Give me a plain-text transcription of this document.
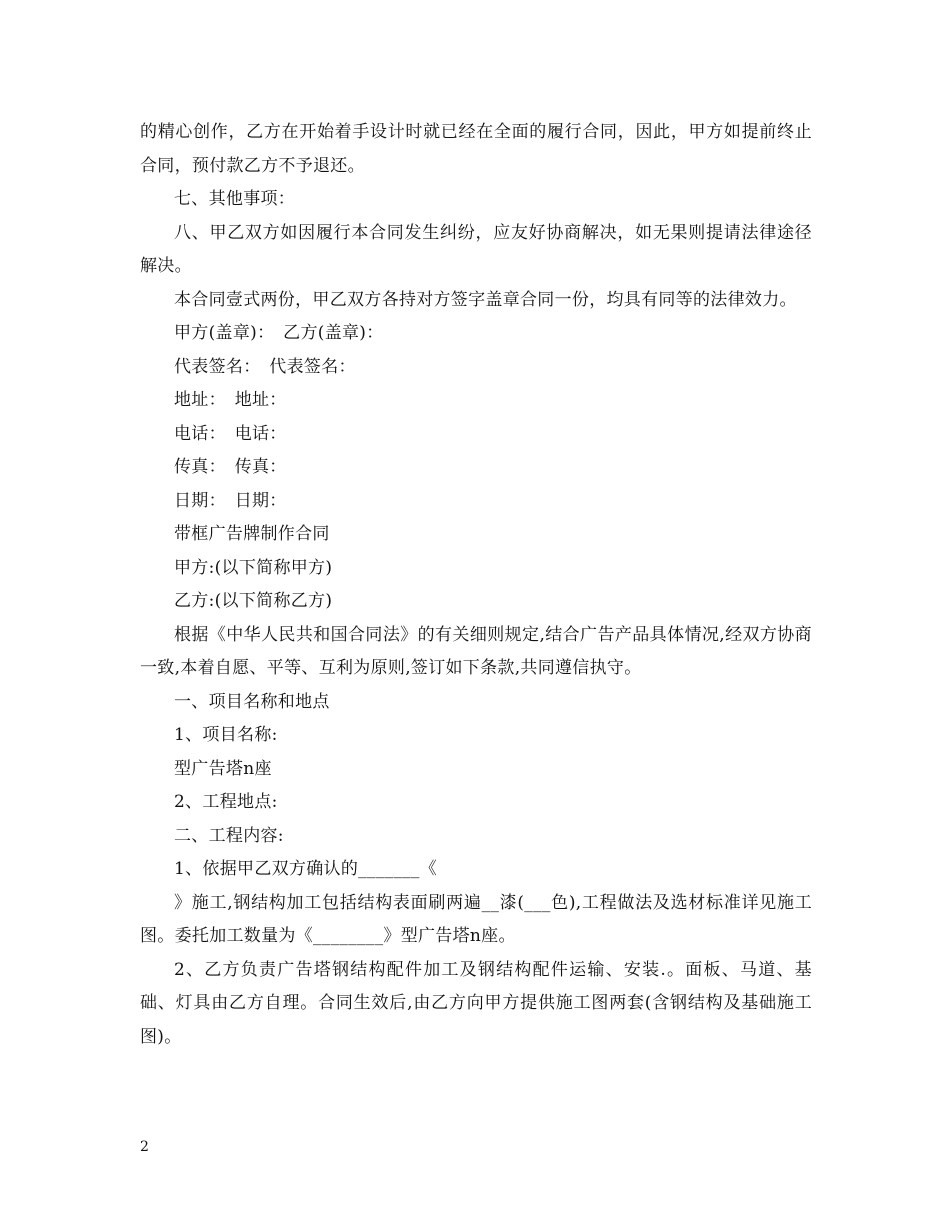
的精心创作，乙方在开始着手设计时就已经在全面的履行合同，因此，甲方如提前终止合同，预付款乙方不予退还。

七、其他事项：

八、甲乙双方如因履行本合同发生纠纷，应友好协商解决，如无果则提请法律途径解决。

本合同壹式两份，甲乙双方各持对方签字盖章合同一份，均具有同等的法律效力。

甲方(盖章)：　乙方(盖章)：

代表签名：　代表签名：

地址：　地址：

电话：　电话：

传真：　传真：

日期：　日期：

带框广告牌制作合同

甲方:(以下简称甲方)

乙方:(以下简称乙方)

根据《中华人民共和国合同法》的有关细则规定,结合广告产品具体情况,经双方协商一致,本着自愿、平等、互利为原则,签订如下条款,共同遵信执守。

一、项目名称和地点

1、项目名称:

型广告塔n座

2、工程地点:

二、工程内容:

1、依据甲乙双方确认的_______《

》施工,钢结构加工包括结构表面刷两遍__漆(___色),工程做法及选材标准详见施工图。委托加工数量为《________》型广告塔n座。

2、乙方负责广告塔钢结构配件加工及钢结构配件运输、安装.。面板、马道、基础、灯具由乙方自理。合同生效后,由乙方向甲方提供施工图两套(含钢结构及基础施工图)。

2
